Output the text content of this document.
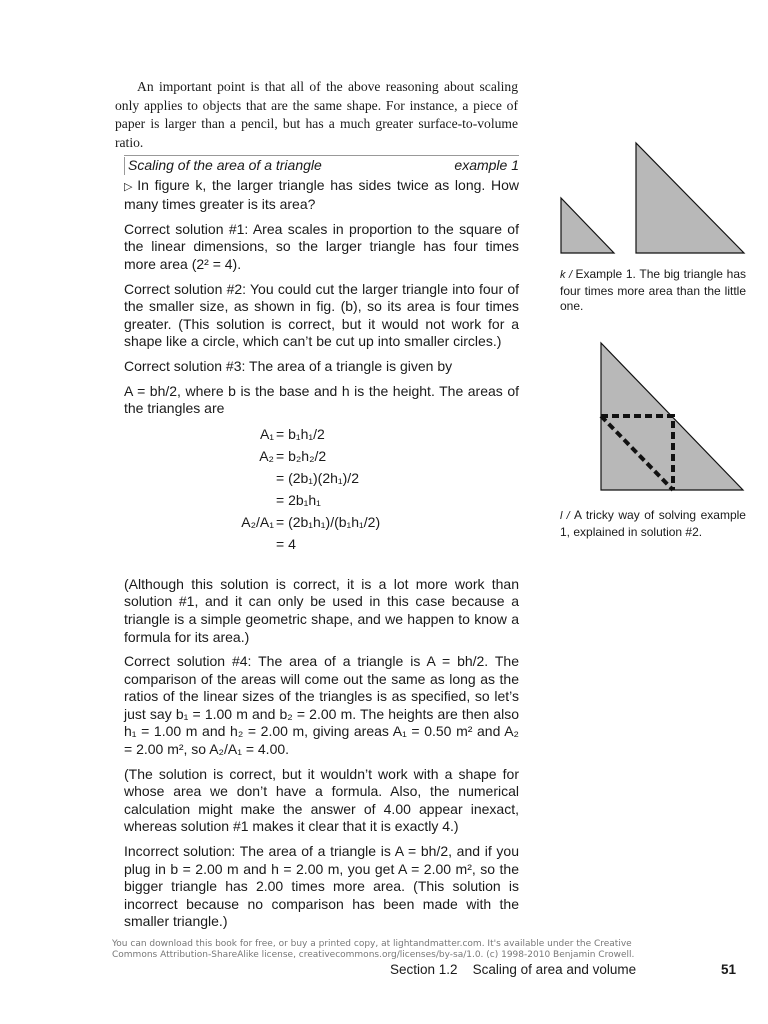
An important point is that all of the above reasoning about scaling only applies to objects that are the same shape. For instance, a piece of paper is larger than a pencil, but has a much greater surface-to-volume ratio.

Scaling of the area of a triangle	example 1

▷ In figure k, the larger triangle has sides twice as long. How many times greater is its area?

Correct solution #1: Area scales in proportion to the square of the linear dimensions, so the larger triangle has four times more area (2² = 4).

Correct solution #2: You could cut the larger triangle into four of the smaller size, as shown in fig. (b), so its area is four times greater. (This solution is correct, but it would not work for a shape like a circle, which can’t be cut up into smaller circles.)

Correct solution #3: The area of a triangle is given by

A = bh/2, where b is the base and h is the height. The areas of the triangles are

A₁ = b₁h₁/2
A₂ = b₂h₂/2
= (2b₁)(2h₁)/2
= 2b₁h₁
A₂/A₁ = (2b₁h₁)/(b₁h₁/2)
= 4

(Although this solution is correct, it is a lot more work than solution #1, and it can only be used in this case because a triangle is a simple geometric shape, and we happen to know a formula for its area.)

Correct solution #4: The area of a triangle is A = bh/2. The comparison of the areas will come out the same as long as the ratios of the linear sizes of the triangles is as specified, so let’s just say b₁ = 1.00 m and b₂ = 2.00 m. The heights are then also h₁ = 1.00 m and h₂ = 2.00 m, giving areas A₁ = 0.50 m² and A₂ = 2.00 m², so A₂/A₁ = 4.00.

(The solution is correct, but it wouldn’t work with a shape for whose area we don’t have a formula. Also, the numerical calculation might make the answer of 4.00 appear inexact, whereas solution #1 makes it clear that it is exactly 4.)

Incorrect solution: The area of a triangle is A = bh/2, and if you plug in b = 2.00 m and h = 2.00 m, you get A = 2.00 m², so the bigger triangle has 2.00 times more area. (This solution is incorrect because no comparison has been made with the smaller triangle.)

k / Example 1. The big triangle has four times more area than the little one.
l / A tricky way of solving example 1, explained in solution #2.
You can download this book for free, or buy a printed copy, at lightandmatter.com. It's available under the Creative Commons Attribution-ShareAlike license, creativecommons.org/licenses/by-sa/1.0. (c) 1998-2010 Benjamin Crowell.
Section 1.2 Scaling of area and volume	51
